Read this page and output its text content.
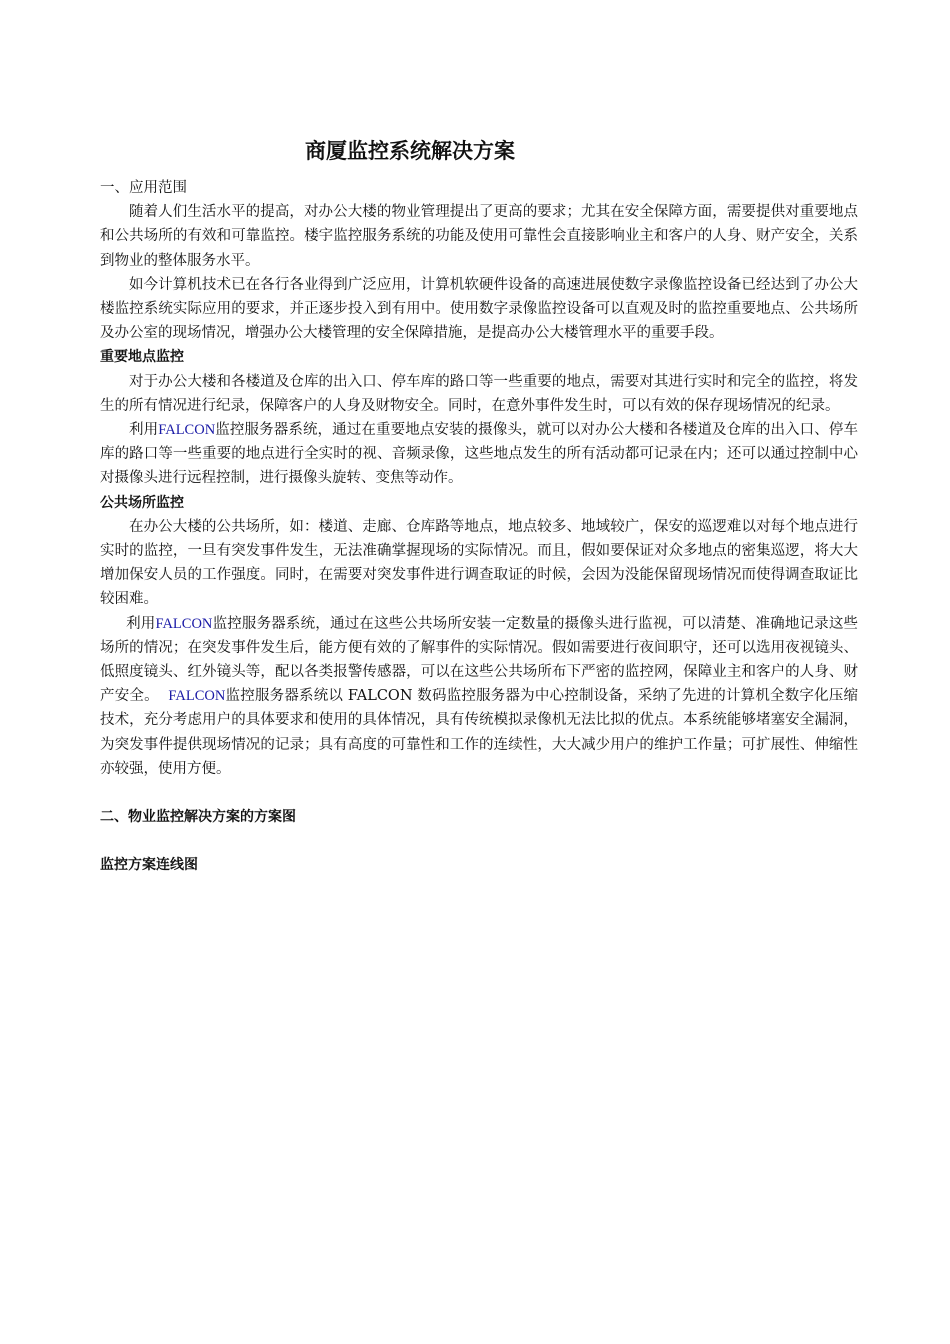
商厦监控系统解决方案

一、应用范围

随着人们生活水平的提高，对办公大楼的物业管理提出了更高的要求；尤其在安全保障方面，需要提供对重要地点和公共场所的有效和可靠监控。楼宇监控服务系统的功能及使用可靠性会直接影响业主和客户的人身、财产安全，关系到物业的整体服务水平。

如今计算机技术已在各行各业得到广泛应用，计算机软硬件设备的高速进展使数字录像监控设备已经达到了办公大楼监控系统实际应用的要求，并正逐步投入到有用中。使用数字录像监控设备可以直观及时的监控重要地点、公共场所及办公室的现场情况，增强办公大楼管理的安全保障措施，是提高办公大楼管理水平的重要手段。

重要地点监控

对于办公大楼和各楼道及仓库的出入口、停车库的路口等一些重要的地点，需要对其进行实时和完全的监控，将发生的所有情况进行纪录，保障客户的人身及财物安全。同时，在意外事件发生时，可以有效的保存现场情况的纪录。

利用FALCON监控服务器系统，通过在重要地点安装的摄像头，就可以对办公大楼和各楼道及仓库的出入口、停车库的路口等一些重要的地点进行全实时的视、音频录像，这些地点发生的所有活动都可记录在内；还可以通过控制中心对摄像头进行远程控制，进行摄像头旋转、变焦等动作。

公共场所监控

在办公大楼的公共场所，如：楼道、走廊、仓库路等地点，地点较多、地域较广，保安的巡逻难以对每个地点进行实时的监控，一旦有突发事件发生，无法准确掌握现场的实际情况。而且，假如要保证对众多地点的密集巡逻，将大大增加保安人员的工作强度。同时，在需要对突发事件进行调查取证的时候，会因为没能保留现场情况而使得调查取证比较困难。

利用FALCON监控服务器系统，通过在这些公共场所安装一定数量的摄像头进行监视，可以清楚、准确地记录这些场所的情况；在突发事件发生后，能方便有效的了解事件的实际情况。假如需要进行夜间职守，还可以选用夜视镜头、低照度镜头、红外镜头等，配以各类报警传感器，可以在这些公共场所布下严密的监控网，保障业主和客户的人身、财产安全。 FALCON监控服务器系统以 FALCON 数码监控服务器为中心控制设备，采纳了先进的计算机全数字化压缩技术，充分考虑用户的具体要求和使用的具体情况，具有传统模拟录像机无法比拟的优点。本系统能够堵塞安全漏洞，为突发事件提供现场情况的记录；具有高度的可靠性和工作的连续性，大大减少用户的维护工作量；可扩展性、伸缩性亦较强，使用方便。

二、物业监控解决方案的方案图

监控方案连线图
